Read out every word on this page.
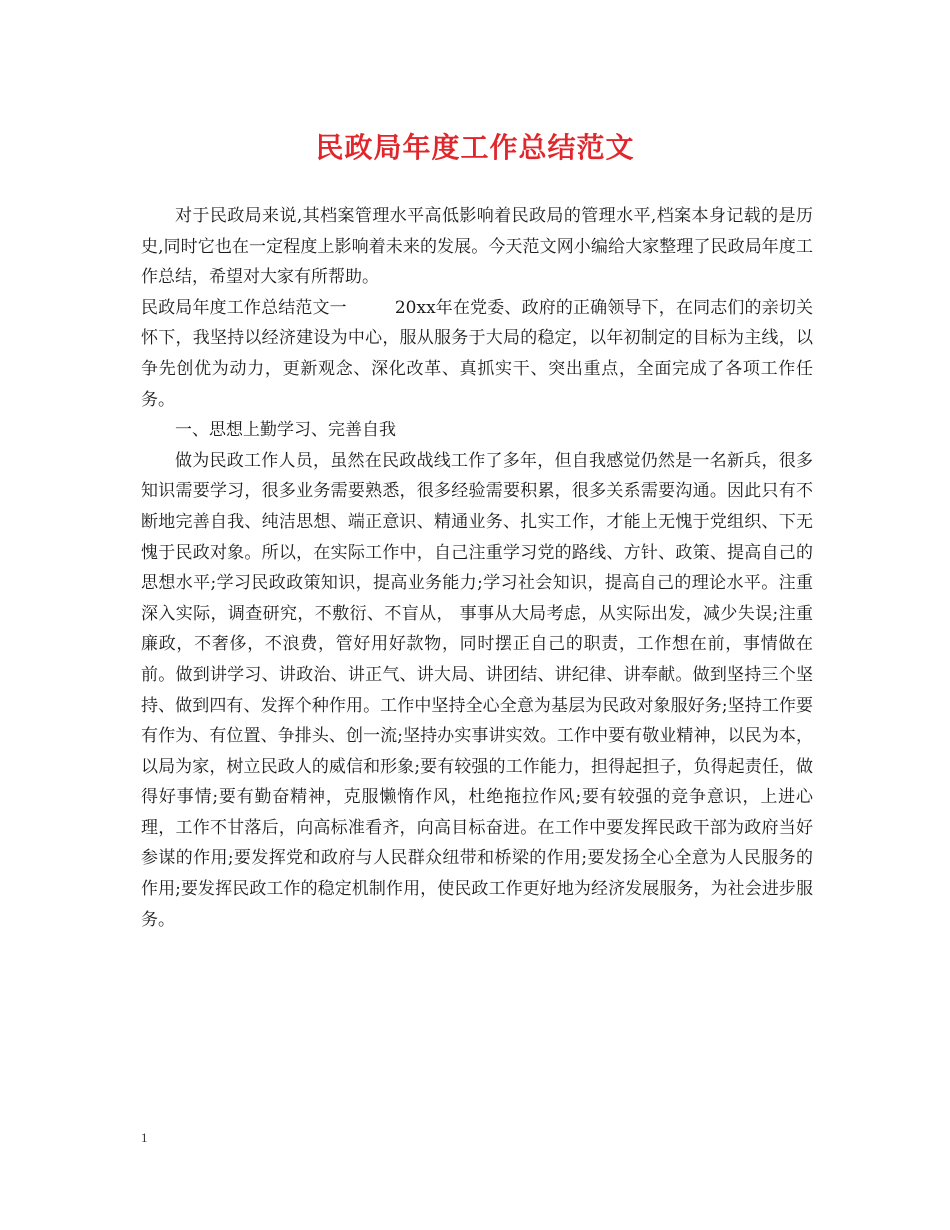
民政局年度工作总结范文

对于民政局来说,其档案管理水平高低影响着民政局的管理水平,档案本身记载的是历史,同时它也在一定程度上影响着未来的发展。今天范文网小编给大家整理了民政局年度工作总结，希望对大家有所帮助。

民政局年度工作总结范文一	20xx年在党委、政府的正确领导下，在同志们的亲切关怀下，我坚持以经济建设为中心，服从服务于大局的稳定，以年初制定的目标为主线，以争先创优为动力，更新观念、深化改革、真抓实干、突出重点，全面完成了各项工作任务。

一、思想上勤学习、完善自我

做为民政工作人员，虽然在民政战线工作了多年，但自我感觉仍然是一名新兵，很多知识需要学习，很多业务需要熟悉，很多经验需要积累，很多关系需要沟通。因此只有不断地完善自我、纯洁思想、端正意识、精通业务、扎实工作，才能上无愧于党组织、下无愧于民政对象。所以，在实际工作中，自己注重学习党的路线、方针、政策、提高自己的思想水平;学习民政政策知识，提高业务能力;学习社会知识，提高自己的理论水平。注重深入实际，调查研究，不敷衍、不盲从， 事事从大局考虑，从实际出发，减少失误;注重廉政，不奢侈，不浪费，管好用好款物，同时摆正自己的职责，工作想在前，事情做在前。做到讲学习、讲政治、讲正气、讲大局、讲团结、讲纪律、讲奉献。做到坚持三个坚持、做到四有、发挥个种作用。工作中坚持全心全意为基层为民政对象服好务;坚持工作要有作为、有位置、争排头、创一流;坚持办实事讲实效。工作中要有敬业精神，以民为本，以局为家，树立民政人的威信和形象;要有较强的工作能力，担得起担子，负得起责任，做得好事情;要有勤奋精神，克服懒惰作风，杜绝拖拉作风;要有较强的竞争意识，上进心理，工作不甘落后，向高标准看齐，向高目标奋进。在工作中要发挥民政干部为政府当好参谋的作用;要发挥党和政府与人民群众纽带和桥梁的作用;要发扬全心全意为人民服务的作用;要发挥民政工作的稳定机制作用，使民政工作更好地为经济发展服务，为社会进步服务。

1
